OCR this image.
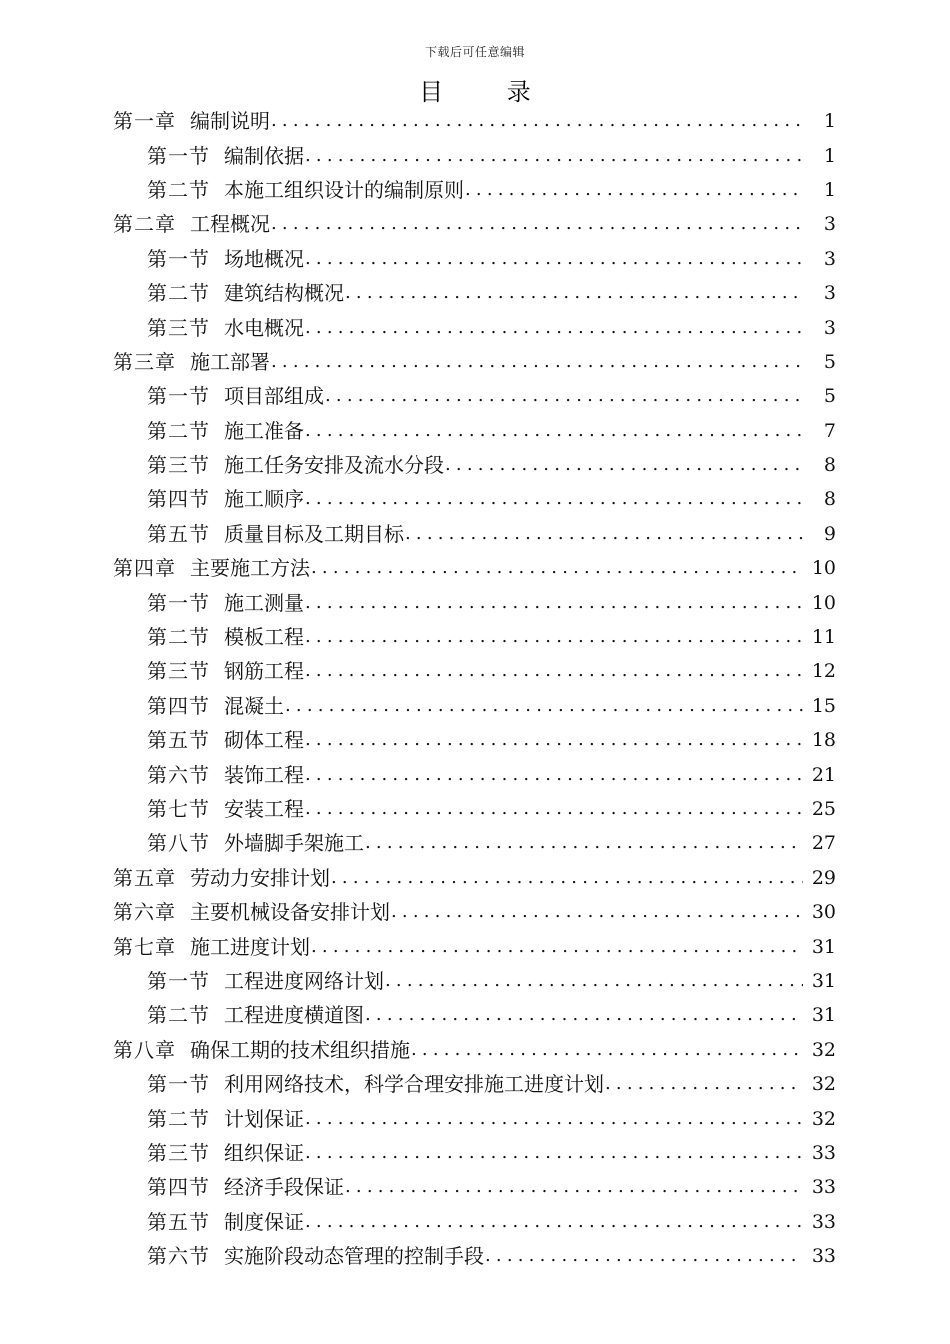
下载后可任意编辑
目 录
第一章 编制说明 .....	1
第一节 编制依据 .....	1
第二节 本施工组织设计的编制原则 .....	1
第二章 工程概况 .....	3
第一节 场地概况 .....	3
第二节 建筑结构概况 .....	3
第三节 水电概况 .....	3
第三章 施工部署 .....	5
第一节 项目部组成 .....	5
第二节 施工准备 .....	7
第三节 施工任务安排及流水分段 .....	8
第四节 施工顺序 .....	8
第五节 质量目标及工期目标 .....	9
第四章 主要施工方法 .....	10
第一节 施工测量 .....	10
第二节 模板工程 .....	11
第三节 钢筋工程 .....	12
第四节 混凝土 .....	15
第五节 砌体工程 .....	18
第六节 装饰工程 .....	21
第七节 安装工程 .....	25
第八节 外墙脚手架施工 .....	27
第五章 劳动力安排计划 .....	29
第六章 主要机械设备安排计划 .....	30
第七章 施工进度计划 .....	31
第一节 工程进度网络计划 .....	31
第二节 工程进度横道图 .....	31
第八章 确保工期的技术组织措施 .....	32
第一节 利用网络技术，科学合理安排施工进度计划 .....	32
第二节 计划保证 .....	32
第三节 组织保证 .....	33
第四节 经济手段保证 .....	33
第五节 制度保证 .....	33
第六节 实施阶段动态管理的控制手段 .....	33
